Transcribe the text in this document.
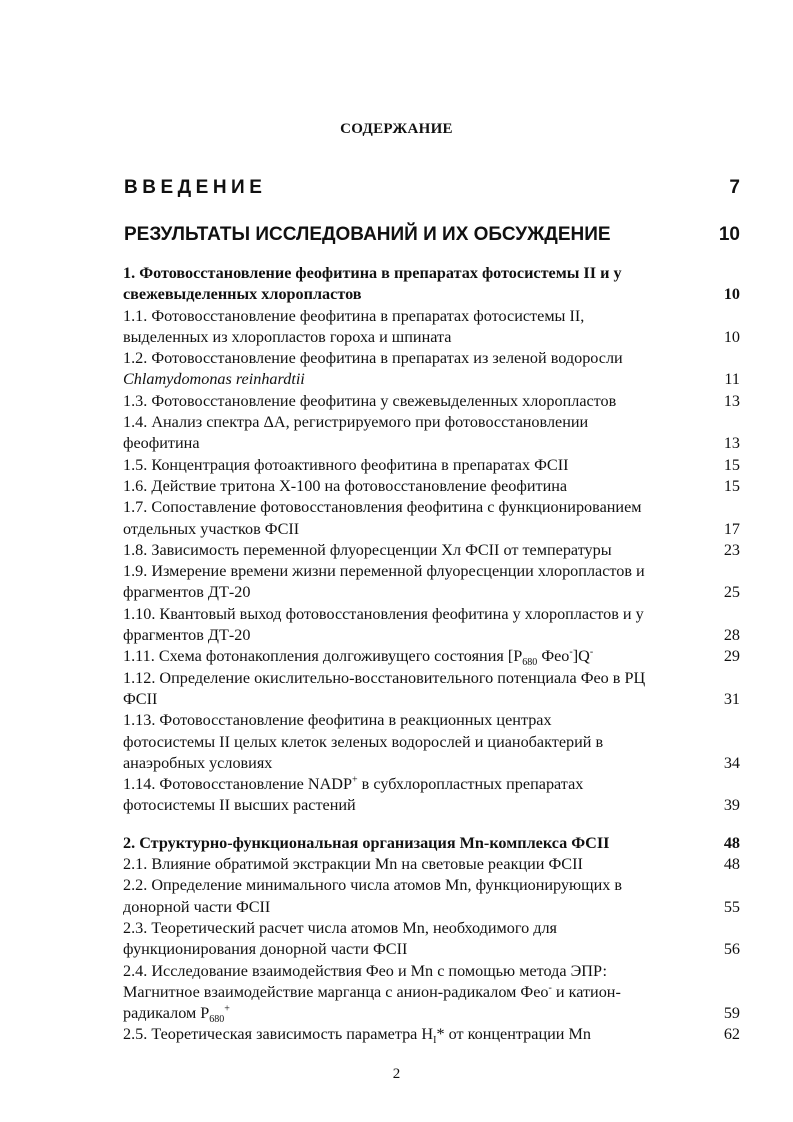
СОДЕРЖАНИЕ
ВВЕДЕНИЕ	7
РЕЗУЛЬТАТЫ ИССЛЕДОВАНИЙ И ИХ ОБСУЖДЕНИЕ	10
1. Фотовосстановление феофитина в препаратах фотосистемы II и у
свежевыделенных хлоропластов	10
1.1. Фотовосстановление феофитина в препаратах фотосистемы II,
выделенных из хлоропластов гороха и шпината	10
1.2. Фотовосстановление феофитина в препаратах из зеленой водоросли
Chlamydomonas reinhardtii	11
1.3. Фотовосстановление феофитина у свежевыделенных хлоропластов	13
1.4. Анализ спектра ΔА, регистрируемого при фотовосстановлении
феофитина	13
1.5. Концентрация фотоактивного феофитина в препаратах ФСII	15
1.6. Действие тритона Х-100 на фотовосстановление феофитина	15
1.7. Сопоставление фотовосстановления феофитина с функционированием
отдельных участков ФСII	17
1.8. Зависимость переменной флуоресценции Хл ФСII от температуры	23
1.9. Измерение времени жизни переменной флуоресценции хлоропластов и
фрагментов ДТ-20	25
1.10. Квантовый выход фотовосстановления феофитина у хлоропластов и у
фрагментов ДТ-20	28
1.11. Схема фотонакопления долгоживущего состояния [$P_{680}$ Фео-]Q-	29
1.12. Определение окислительно-восстановительного потенциала Фео в РЦ
ФСII	31
1.13. Фотовосстановление феофитина в реакционных центрах
фотосистемы II целых клеток зеленых водорослей и цианобактерий в
анаэробных условиях	34
1.14. Фотовосстановление NADP+ в субхлоропластных препаратах
фотосистемы II высших растений	39
2. Структурно-функциональная организация Mn-комплекса ФСII	48
2.1. Влияние обратимой экстракции Mn на световые реакции ФСII	48
2.2. Определение минимального числа атомов Mn, функционирующих в
донорной части ФСII	55
2.3. Теоретический расчет числа атомов Mn, необходимого для
функционирования донорной части ФСII	56
2.4. Исследование взаимодействия Фео и Mn с помощью метода ЭПР:
Магнитное взаимодействие марганца с анион-радикалом Фео- и катион-
радикалом $P_{680}^+$	59
2.5. Теоретическая зависимость параметра $H_I*$ от концентрации Mn	62
2
